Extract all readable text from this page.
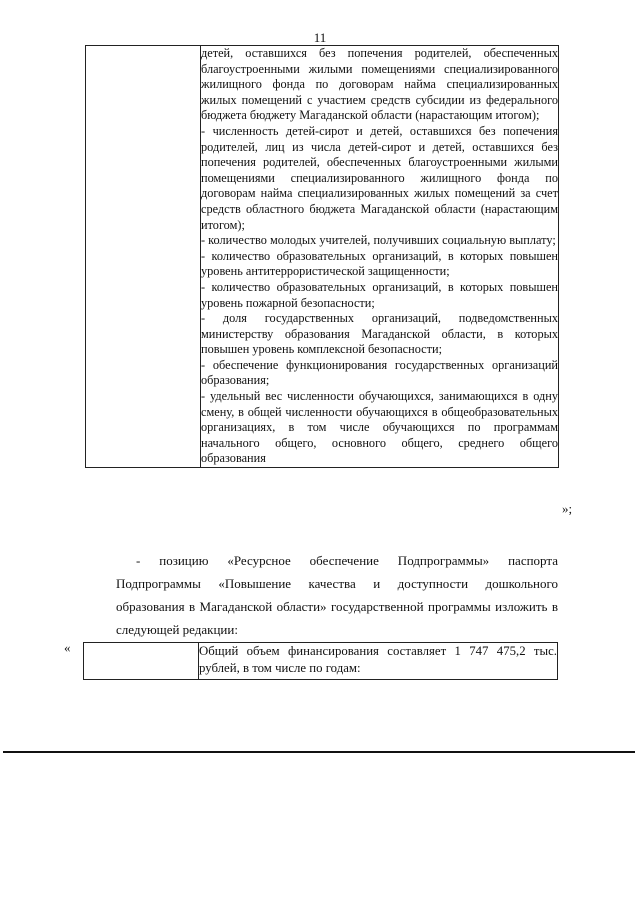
11

детей, оставшихся без попечения родителей, обеспеченных благоустроенными жилыми помещениями специализированного жилищного фонда по договорам найма специализированных жилых помещений с участием средств субсидии из федерального бюджета бюджету Магаданской области (нарастающим итогом);
- численность детей-сирот и детей, оставшихся без попечения родителей, лиц из числа детей-сирот и детей, оставшихся без попечения родителей, обеспеченных благоустроенными жилыми помещениями специализированного жилищного фонда по договорам найма специализированных жилых помещений за счет средств областного бюджета Магаданской области (нарастающим итогом);
- количество молодых учителей, получивших социальную выплату;
- количество образовательных организаций, в которых повышен уровень антитеррористической защищенности;
- количество образовательных организаций, в которых повышен уровень пожарной безопасности;
- доля государственных организаций, подведомственных министерству образования Магаданской области, в которых повышен уровень комплексной безопасности;
- обеспечение функционирования государственных организаций образования;
- удельный вес численности обучающихся, занимающихся в одну смену, в общей численности обучающихся в общеобразовательных организациях, в том числе обучающихся по программам начального общего, основного общего, среднего общего образования
»;
- позицию «Ресурсное обеспечение Подпрограммы» паспорта Подпрограммы «Повышение качества и доступности дошкольного образования в Магаданской области» государственной программы изложить в следующей редакции:
«
		Общий объем финансирования составляет 1 747 475,2 тыс. рублей, в том числе по годам:
